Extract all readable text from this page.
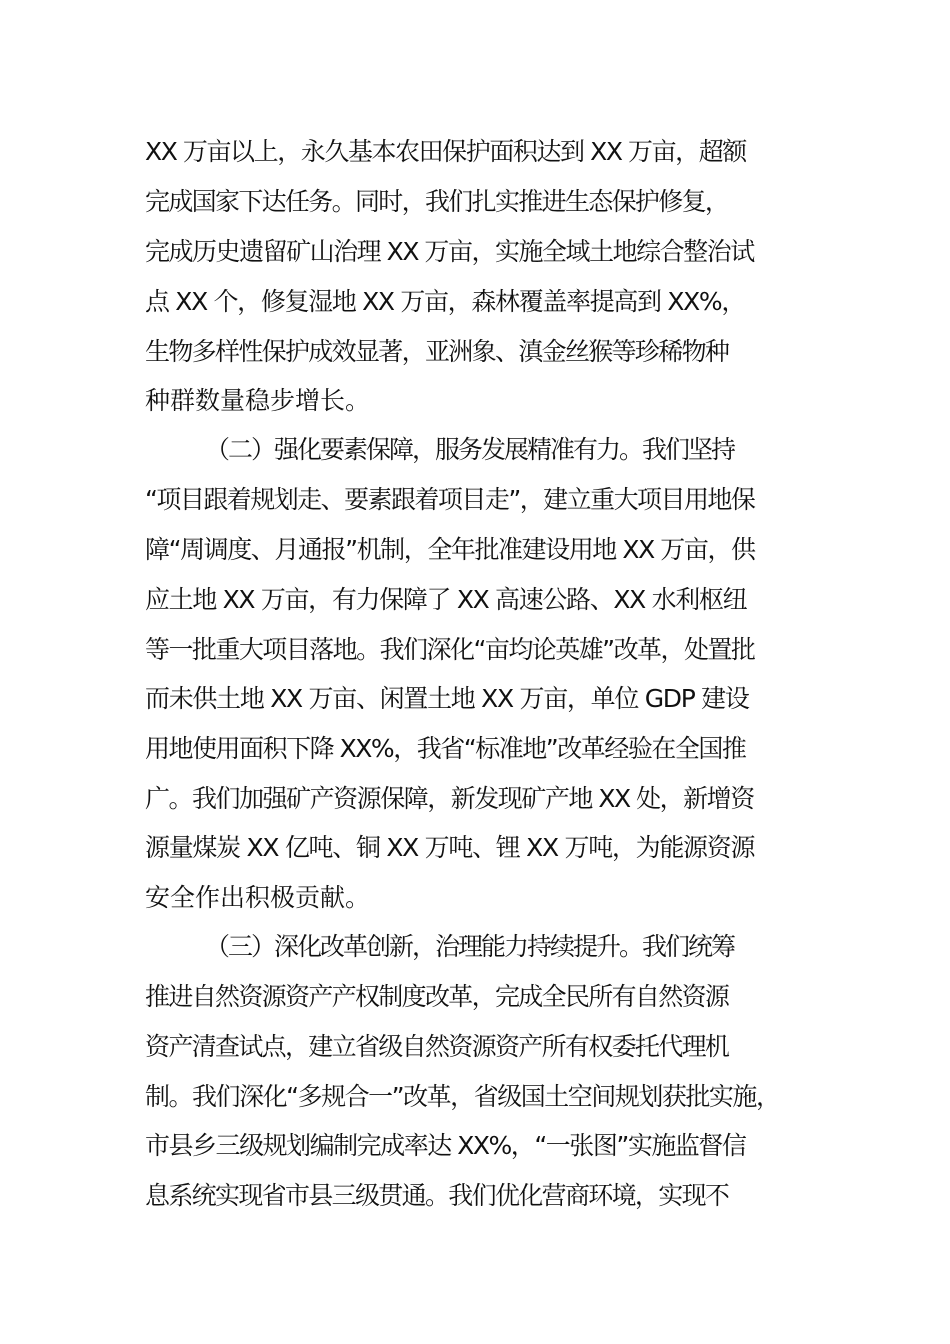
XX 万亩以上，永久基本农田保护面积达到 XX 万亩，超额
完成国家下达任务。同时，我们扎实推进生态保护修复，
完成历史遗留矿山治理 XX 万亩，实施全域土地综合整治试
点 XX 个，修复湿地 XX 万亩，森林覆盖率提高到 XX%，
生物多样性保护成效显著，亚洲象、滇金丝猴等珍稀物种
种群数量稳步增长。
（二）强化要素保障，服务发展精准有力。我们坚持
“项目跟着规划走、要素跟着项目走”，建立重大项目用地保
障“周调度、月通报”机制，全年批准建设用地 XX 万亩，供
应土地 XX 万亩，有力保障了 XX 高速公路、XX 水利枢纽
等一批重大项目落地。我们深化“亩均论英雄”改革，处置批
而未供土地 XX 万亩、闲置土地 XX 万亩，单位 GDP 建设
用地使用面积下降 XX%，我省“标准地”改革经验在全国推
广。我们加强矿产资源保障，新发现矿产地 XX 处，新增资
源量煤炭 XX 亿吨、铜 XX 万吨、锂 XX 万吨，为能源资源
安全作出积极贡献。
（三）深化改革创新，治理能力持续提升。我们统筹
推进自然资源资产产权制度改革，完成全民所有自然资源
资产清查试点，建立省级自然资源资产所有权委托代理机
制。我们深化“多规合一”改革，省级国土空间规划获批实施，
市县乡三级规划编制完成率达 XX%，“一张图”实施监督信
息系统实现省市县三级贯通。我们优化营商环境，实现不
